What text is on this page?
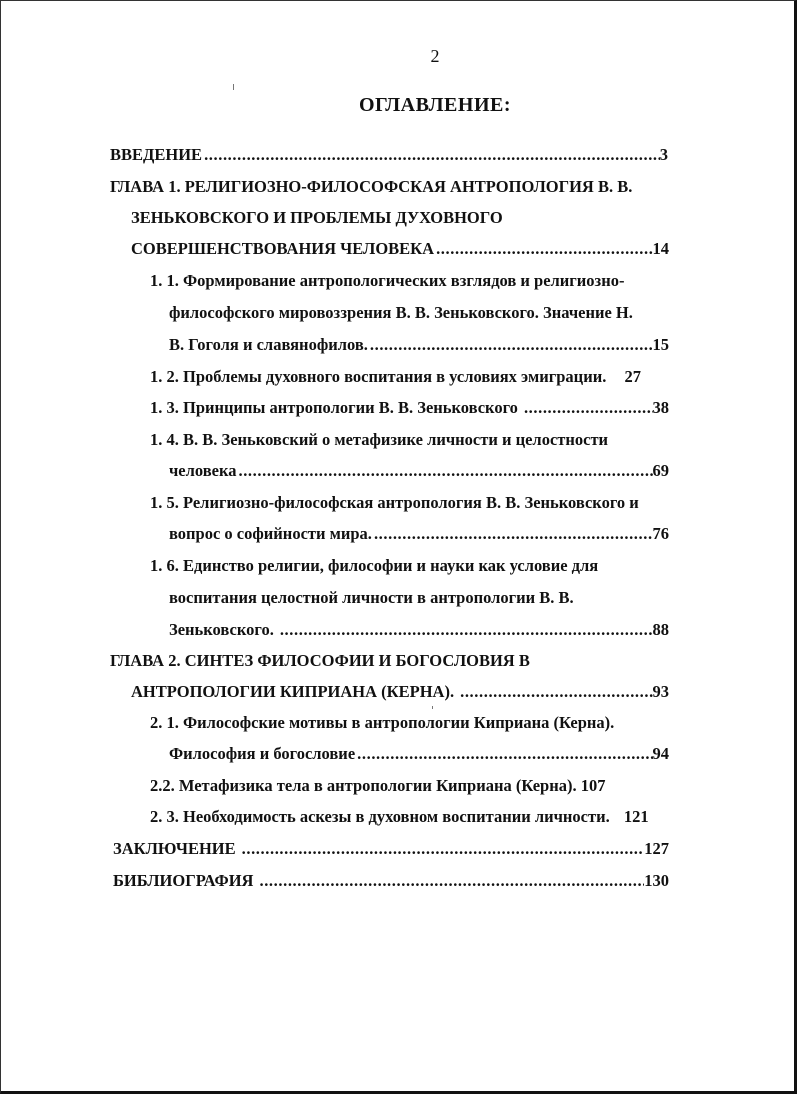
2
ОГЛАВЛЕНИЕ:
ВВЕДЕНИЕ .....	3
ГЛАВА 1. РЕЛИГИОЗНО-ФИЛОСОФСКАЯ АНТРОПОЛОГИЯ В. В.
ЗЕНЬКОВСКОГО И ПРОБЛЕМЫ ДУХОВНОГО
СОВЕРШЕНСТВОВАНИЯ ЧЕЛОВЕКА .....	14
1. 1. Формирование антропологических взглядов и религиозно-
философского мировоззрения В. В. Зеньковского. Значение Н.
В. Гоголя и славянофилов. .....	15
1. 2. Проблемы духовного воспитания в условиях эмиграции. 27
1. 3. Принципы антропологии В. В. Зеньковского .....	38
1. 4. В. В. Зеньковский о метафизике личности и целостности
человека .....	69
1. 5. Религиозно-философская антропология В. В. Зеньковского и
вопрос о софийности мира. .....	76
1. 6. Единство религии, философии и науки как условие для
воспитания целостной личности в антропологии В. В.
Зеньковского. .....	88
ГЛАВА 2. СИНТЕЗ ФИЛОСОФИИ И БОГОСЛОВИЯ В
АНТРОПОЛОГИИ КИПРИАНА (КЕРНА). .....	93
2. 1. Философские мотивы в антропологии Киприана (Керна).
Философия и богословие .....	94
2.2. Метафизика тела в антропологии Киприана (Керна). 107
2. 3. Необходимость аскезы в духовном воспитании личности. 121
ЗАКЛЮЧЕНИЕ .....	127
БИБЛИОГРАФИЯ .....	130
